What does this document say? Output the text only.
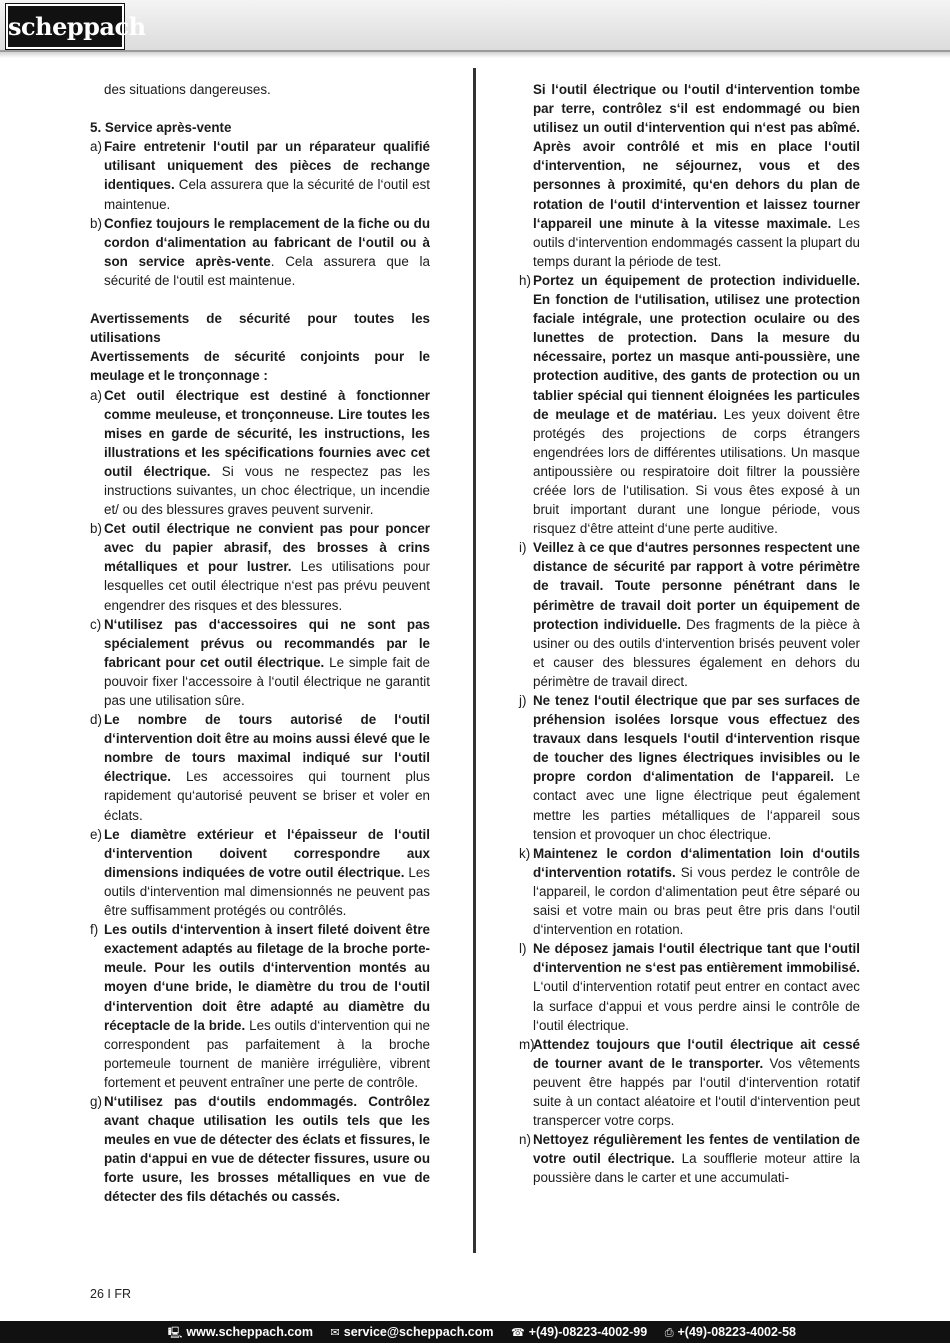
scheppach

des situations dangereuses.

5. Service après-vente

a) Faire entretenir l‘outil par un réparateur qualifié utilisant uniquement des pièces de rechange identiques. Cela assurera que la sécurité de l‘outil est maintenue.
b) Confiez toujours le remplacement de la fiche ou du cordon d‘alimentation au fabricant de l‘outil ou à son service après-vente. Cela assurera que la sécurité de l‘outil est maintenue.

Avertissements de sécurité pour toutes les utilisations

Avertissements de sécurité conjoints pour le meulage et le tronçonnage :

a) Cet outil électrique est destiné à fonctionner comme meuleuse, et tronçonneuse. Lire toutes les mises en garde de sécurité, les instructions, les illustrations et les spécifications fournies avec cet outil électrique. Si vous ne respectez pas les instructions suivantes, un choc électrique, un incendie et/ ou des blessures graves peuvent survenir.
b) Cet outil électrique ne convient pas pour poncer avec du papier abrasif, des brosses à crins métalliques et pour lustrer. Les utilisations pour lesquelles cet outil électrique n‘est pas prévu peuvent engendrer des risques et des blessures.
c) N‘utilisez pas d‘accessoires qui ne sont pas spécialement prévus ou recommandés par le fabricant pour cet outil électrique. Le simple fait de pouvoir fixer l‘accessoire à l‘outil électrique ne garantit pas une utilisation sûre.
d) Le nombre de tours autorisé de l‘outil d‘intervention doit être au moins aussi élevé que le nombre de tours maximal indiqué sur l‘outil électrique. Les accessoires qui tournent plus rapidement qu‘autorisé peuvent se briser et voler en éclats.
e) Le diamètre extérieur et l‘épaisseur de l‘outil d‘intervention doivent correspondre aux dimensions indiquées de votre outil électrique. Les outils d‘intervention mal dimensionnés ne peuvent pas être suffisamment protégés ou contrôlés.
f) Les outils d‘intervention à insert fileté doivent être exactement adaptés au filetage de la broche porte-meule. Pour les outils d‘intervention montés au moyen d‘une bride, le diamètre du trou de l‘outil d‘intervention doit être adapté au diamètre du réceptacle de la bride. Les outils d‘intervention qui ne correspondent pas parfaitement à la broche portemeule tournent de manière irrégulière, vibrent fortement et peuvent entraîner une perte de contrôle.
g) N‘utilisez pas d‘outils endommagés. Contrôlez avant chaque utilisation les outils tels que les meules en vue de détecter des éclats et fissures, le patin d‘appui en vue de détecter fissures, usure ou forte usure, les brosses métalliques en vue de détecter des fils détachés ou cassés.

Si l‘outil électrique ou l‘outil d‘intervention tombe par terre, contrôlez s‘il est endommagé ou bien utilisez un outil d‘intervention qui n‘est pas abîmé. Après avoir contrôlé et mis en place l‘outil d‘intervention, ne séjournez, vous et des personnes à proximité, qu‘en dehors du plan de rotation de l‘outil d‘intervention et laissez tourner l‘appareil une minute à la vitesse maximale. Les outils d‘intervention endommagés cassent la plupart du temps durant la période de test.

h) Portez un équipement de protection individuelle. En fonction de l‘utilisation, utilisez une protection faciale intégrale, une protection oculaire ou des lunettes de protection. Dans la mesure du nécessaire, portez un masque anti-poussière, une protection auditive, des gants de protection ou un tablier spécial qui tiennent éloignées les particules de meulage et de matériau. Les yeux doivent être protégés des projections de corps étrangers engendrées lors de différentes utilisations. Un masque antipoussière ou respiratoire doit filtrer la poussière créée lors de l‘utilisation. Si vous êtes exposé à un bruit important durant une longue période, vous risquez d‘être atteint d‘une perte auditive.
i) Veillez à ce que d‘autres personnes respectent une distance de sécurité par rapport à votre périmètre de travail. Toute personne pénétrant dans le périmètre de travail doit porter un équipement de protection individuelle. Des fragments de la pièce à usiner ou des outils d‘intervention brisés peuvent voler et causer des blessures également en dehors du périmètre de travail direct.
j) Ne tenez l‘outil électrique que par ses surfaces de préhension isolées lorsque vous effectuez des travaux dans lesquels l‘outil d‘intervention risque de toucher des lignes électriques invisibles ou le propre cordon d‘alimentation de l‘appareil. Le contact avec une ligne électrique peut également mettre les parties métalliques de l‘appareil sous tension et provoquer un choc électrique.
k) Maintenez le cordon d‘alimentation loin d‘outils d‘intervention rotatifs. Si vous perdez le contrôle de l‘appareil, le cordon d‘alimentation peut être séparé ou saisi et votre main ou bras peut être pris dans l‘outil d‘intervention en rotation.
l) Ne déposez jamais l‘outil électrique tant que l‘outil d‘intervention ne s‘est pas entièrement immobilisé. L‘outil d‘intervention rotatif peut entrer en contact avec la surface d‘appui et vous perdre ainsi le contrôle de l‘outil électrique.
m)
Attendez toujours que l‘outil électrique ait cessé de tourner avant de le transporter. Vos vêtements peuvent être happés par l‘outil d‘intervention rotatif suite à un contact aléatoire et l‘outil d‘intervention peut transpercer votre corps.
n) Nettoyez régulièrement les fentes de ventilation de votre outil électrique. La soufflerie moteur attire la poussière dans le carter et une accumulati-
26 I FR
🖳 www.scheppach.com ✉ service@scheppach.com ☎ +(49)-08223-4002-99 ⎙ +(49)-08223-4002-58
